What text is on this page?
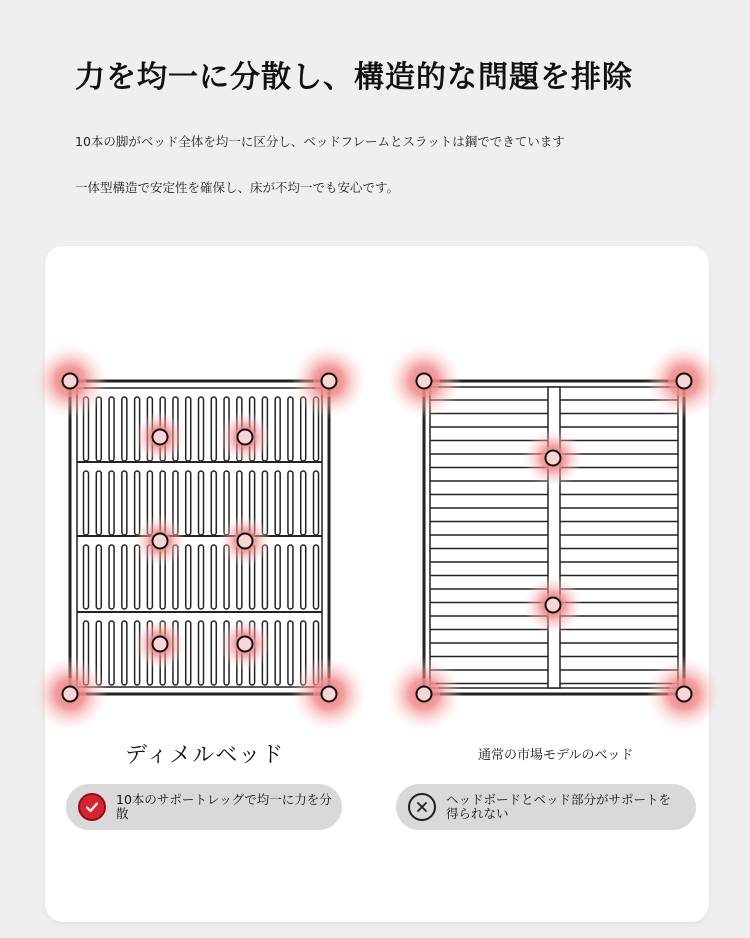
力を均一に分散し、構造的な問題を排除
10本の脚がベッド全体を均一に区分し、ベッドフレームとスラットは鋼でできています
一体型構造で安定性を確保し、床が不均一でも安心です。
ディメルベッド	通常の市場モデルのベッド
10本のサポートレッグで均一に力を分散
ヘッドボードとベッド部分がサポートを得られない
